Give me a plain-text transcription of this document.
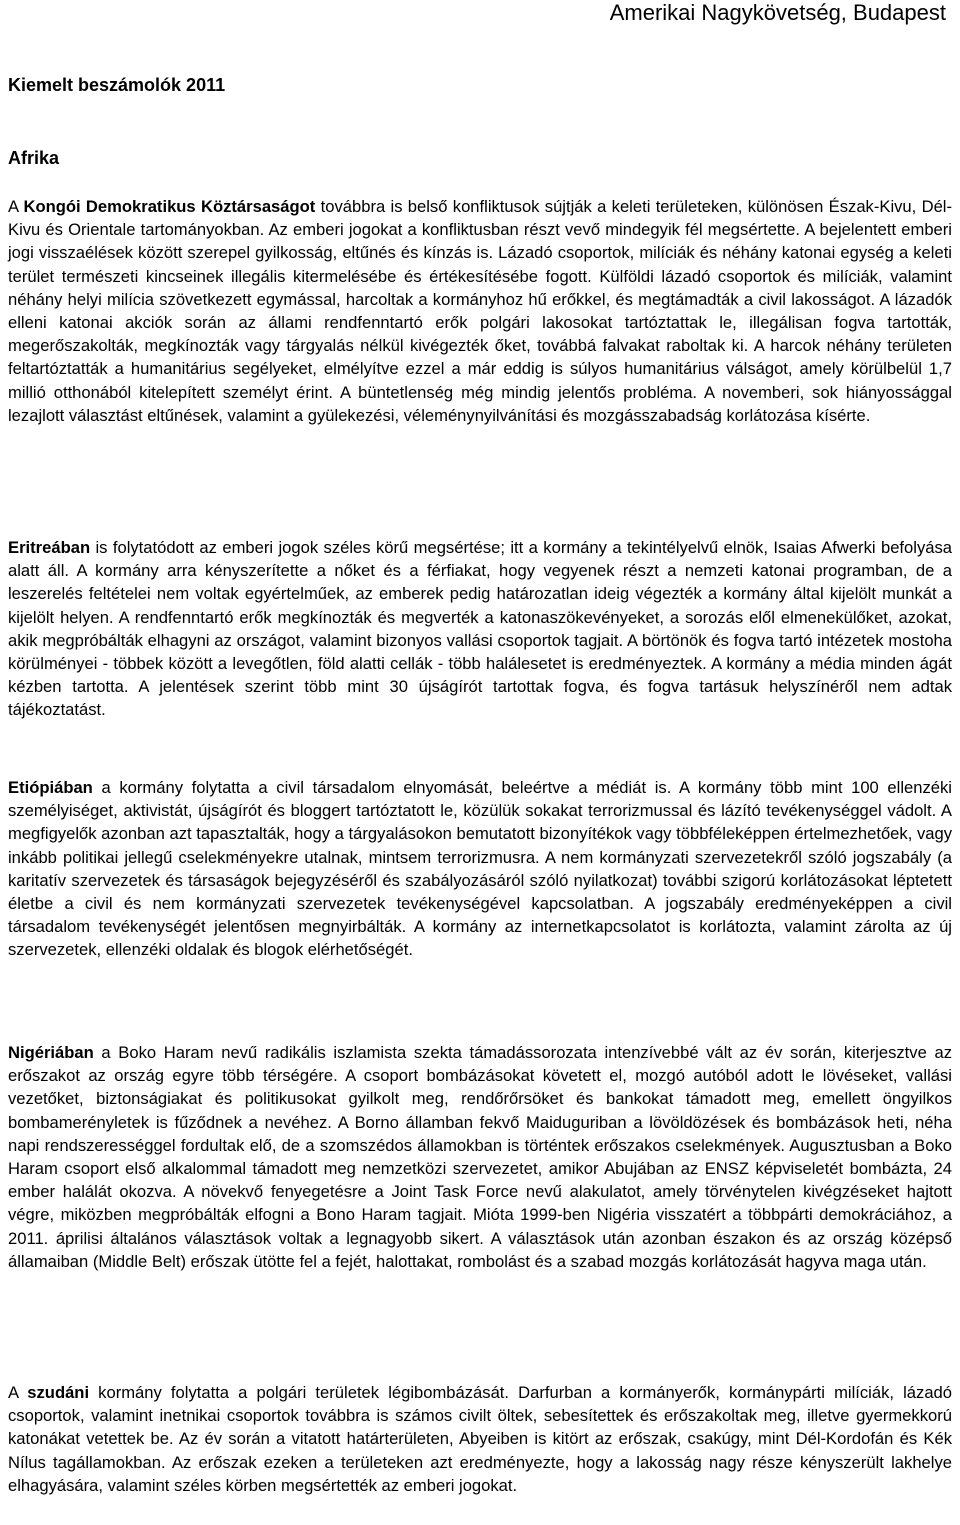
Amerikai Nagykövetség, Budapest
Kiemelt beszámolók 2011
Afrika

A Kongói Demokratikus Köztársaságot továbbra is belső konfliktusok sújtják a keleti területeken, különösen Észak-Kivu, Dél-Kivu és Orientale tartományokban. Az emberi jogokat a konfliktusban részt vevő mindegyik fél megsértette. A bejelentett emberi jogi visszaélések között szerepel gyilkosság, eltűnés és kínzás is. Lázadó csoportok, milíciák és néhány katonai egység a keleti terület természeti kincseinek illegális kitermelésébe és értékesítésébe fogott. Külföldi lázadó csoportok és milíciák, valamint néhány helyi milícia szövetkezett egymással, harcoltak a kormányhoz hű erőkkel, és megtámadták a civil lakosságot. A lázadók elleni katonai akciók során az állami rendfenntartó erők polgári lakosokat tartóztattak le, illegálisan fogva tartották, megerőszakolták, megkínozták vagy tárgyalás nélkül kivégezték őket, továbbá falvakat raboltak ki. A harcok néhány területen feltartóztatták a humanitárius segélyeket, elmélyítve ezzel a már eddig is súlyos humanitárius válságot, amely körülbelül 1,7 millió otthonából kitelepített személyt érint. A büntetlenség még mindig jelentős probléma. A novemberi, sok hiányossággal lezajlott választást eltűnések, valamint a gyülekezési, véleménynyilvánítási és mozgásszabadság korlátozása kísérte.

Eritreában is folytatódott az emberi jogok széles körű megsértése; itt a kormány a tekintélyelvű elnök, Isaias Afwerki befolyása alatt áll. A kormány arra kényszerítette a nőket és a férfiakat, hogy vegyenek részt a nemzeti katonai programban, de a leszerelés feltételei nem voltak egyértelműek, az emberek pedig határozatlan ideig végezték a kormány által kijelölt munkát a kijelölt helyen. A rendfenntartó erők megkínozták és megverték a katonaszökevényeket, a sorozás elől elmenekülőket, azokat, akik megpróbálták elhagyni az országot, valamint bizonyos vallási csoportok tagjait. A börtönök és fogva tartó intézetek mostoha körülményei - többek között a levegőtlen, föld alatti cellák - több halálesetet is eredményeztek. A kormány a média minden ágát kézben tartotta. A jelentések szerint több mint 30 újságírót tartottak fogva, és fogva tartásuk helyszínéről nem adtak tájékoztatást.

Etiópiában a kormány folytatta a civil társadalom elnyomását, beleértve a médiát is. A kormány több mint 100 ellenzéki személyiséget, aktivistát, újságírót és bloggert tartóztatott le, közülük sokakat terrorizmussal és lázító tevékenységgel vádolt. A megfigyelők azonban azt tapasztalták, hogy a tárgyalásokon bemutatott bizonyítékok vagy többféleképpen értelmezhetőek, vagy inkább politikai jellegű cselekményekre utalnak, mintsem terrorizmusra. A nem kormányzati szervezetekről szóló jogszabály (a karitatív szervezetek és társaságok bejegyzéséről és szabályozásáról szóló nyilatkozat) további szigorú korlátozásokat léptetett életbe a civil és nem kormányzati szervezetek tevékenységével kapcsolatban. A jogszabály eredményeképpen a civil társadalom tevékenységét jelentősen megnyirbálták. A kormány az internetkapcsolatot is korlátozta, valamint zárolta az új szervezetek, ellenzéki oldalak és blogok elérhetőségét.

Nigériában a Boko Haram nevű radikális iszlamista szekta támadássorozata intenzívebbé vált az év során, kiterjesztve az erőszakot az ország egyre több térségére. A csoport bombázásokat követett el, mozgó autóból adott le lövéseket, vallási vezetőket, biztonságiakat és politikusokat gyilkolt meg, rendőrőrsöket és bankokat támadott meg, emellett öngyilkos bombamerényletek is fűződnek a nevéhez. A Borno államban fekvő Maiduguriban a lövöldözések és bombázások heti, néha napi rendszerességgel fordultak elő, de a szomszédos államokban is történtek erőszakos cselekmények. Augusztusban a Boko Haram csoport első alkalommal támadott meg nemzetközi szervezetet, amikor Abujában az ENSZ képviseletét bombázta, 24 ember halálát okozva. A növekvő fenyegetésre a Joint Task Force nevű alakulatot, amely törvénytelen kivégzéseket hajtott végre, miközben megpróbálták elfogni a Bono Haram tagjait. Mióta 1999-ben Nigéria visszatért a többpárti demokráciához, a 2011. áprilisi általános választások voltak a legnagyobb sikert. A választások után azonban északon és az ország középső államaiban (Middle Belt) erőszak ütötte fel a fejét, halottakat, rombolást és a szabad mozgás korlátozását hagyva maga után.

A szudáni kormány folytatta a polgári területek légibombázását. Darfurban a kormányerők, kormánypárti milíciák, lázadó csoportok, valamint inetnikai csoportok továbbra is számos civilt öltek, sebesítettek és erőszakoltak meg, illetve gyermekkorú katonákat vetettek be. Az év során a vitatott határterületen, Abyeiben is kitört az erőszak, csakúgy, mint Dél-Kordofán és Kék Nílus tagállamokban. Az erőszak ezeken a területeken azt eredményezte, hogy a lakosság nagy része kényszerült lakhelye elhagyására, valamint széles körben megsértették az emberi jogokat.
